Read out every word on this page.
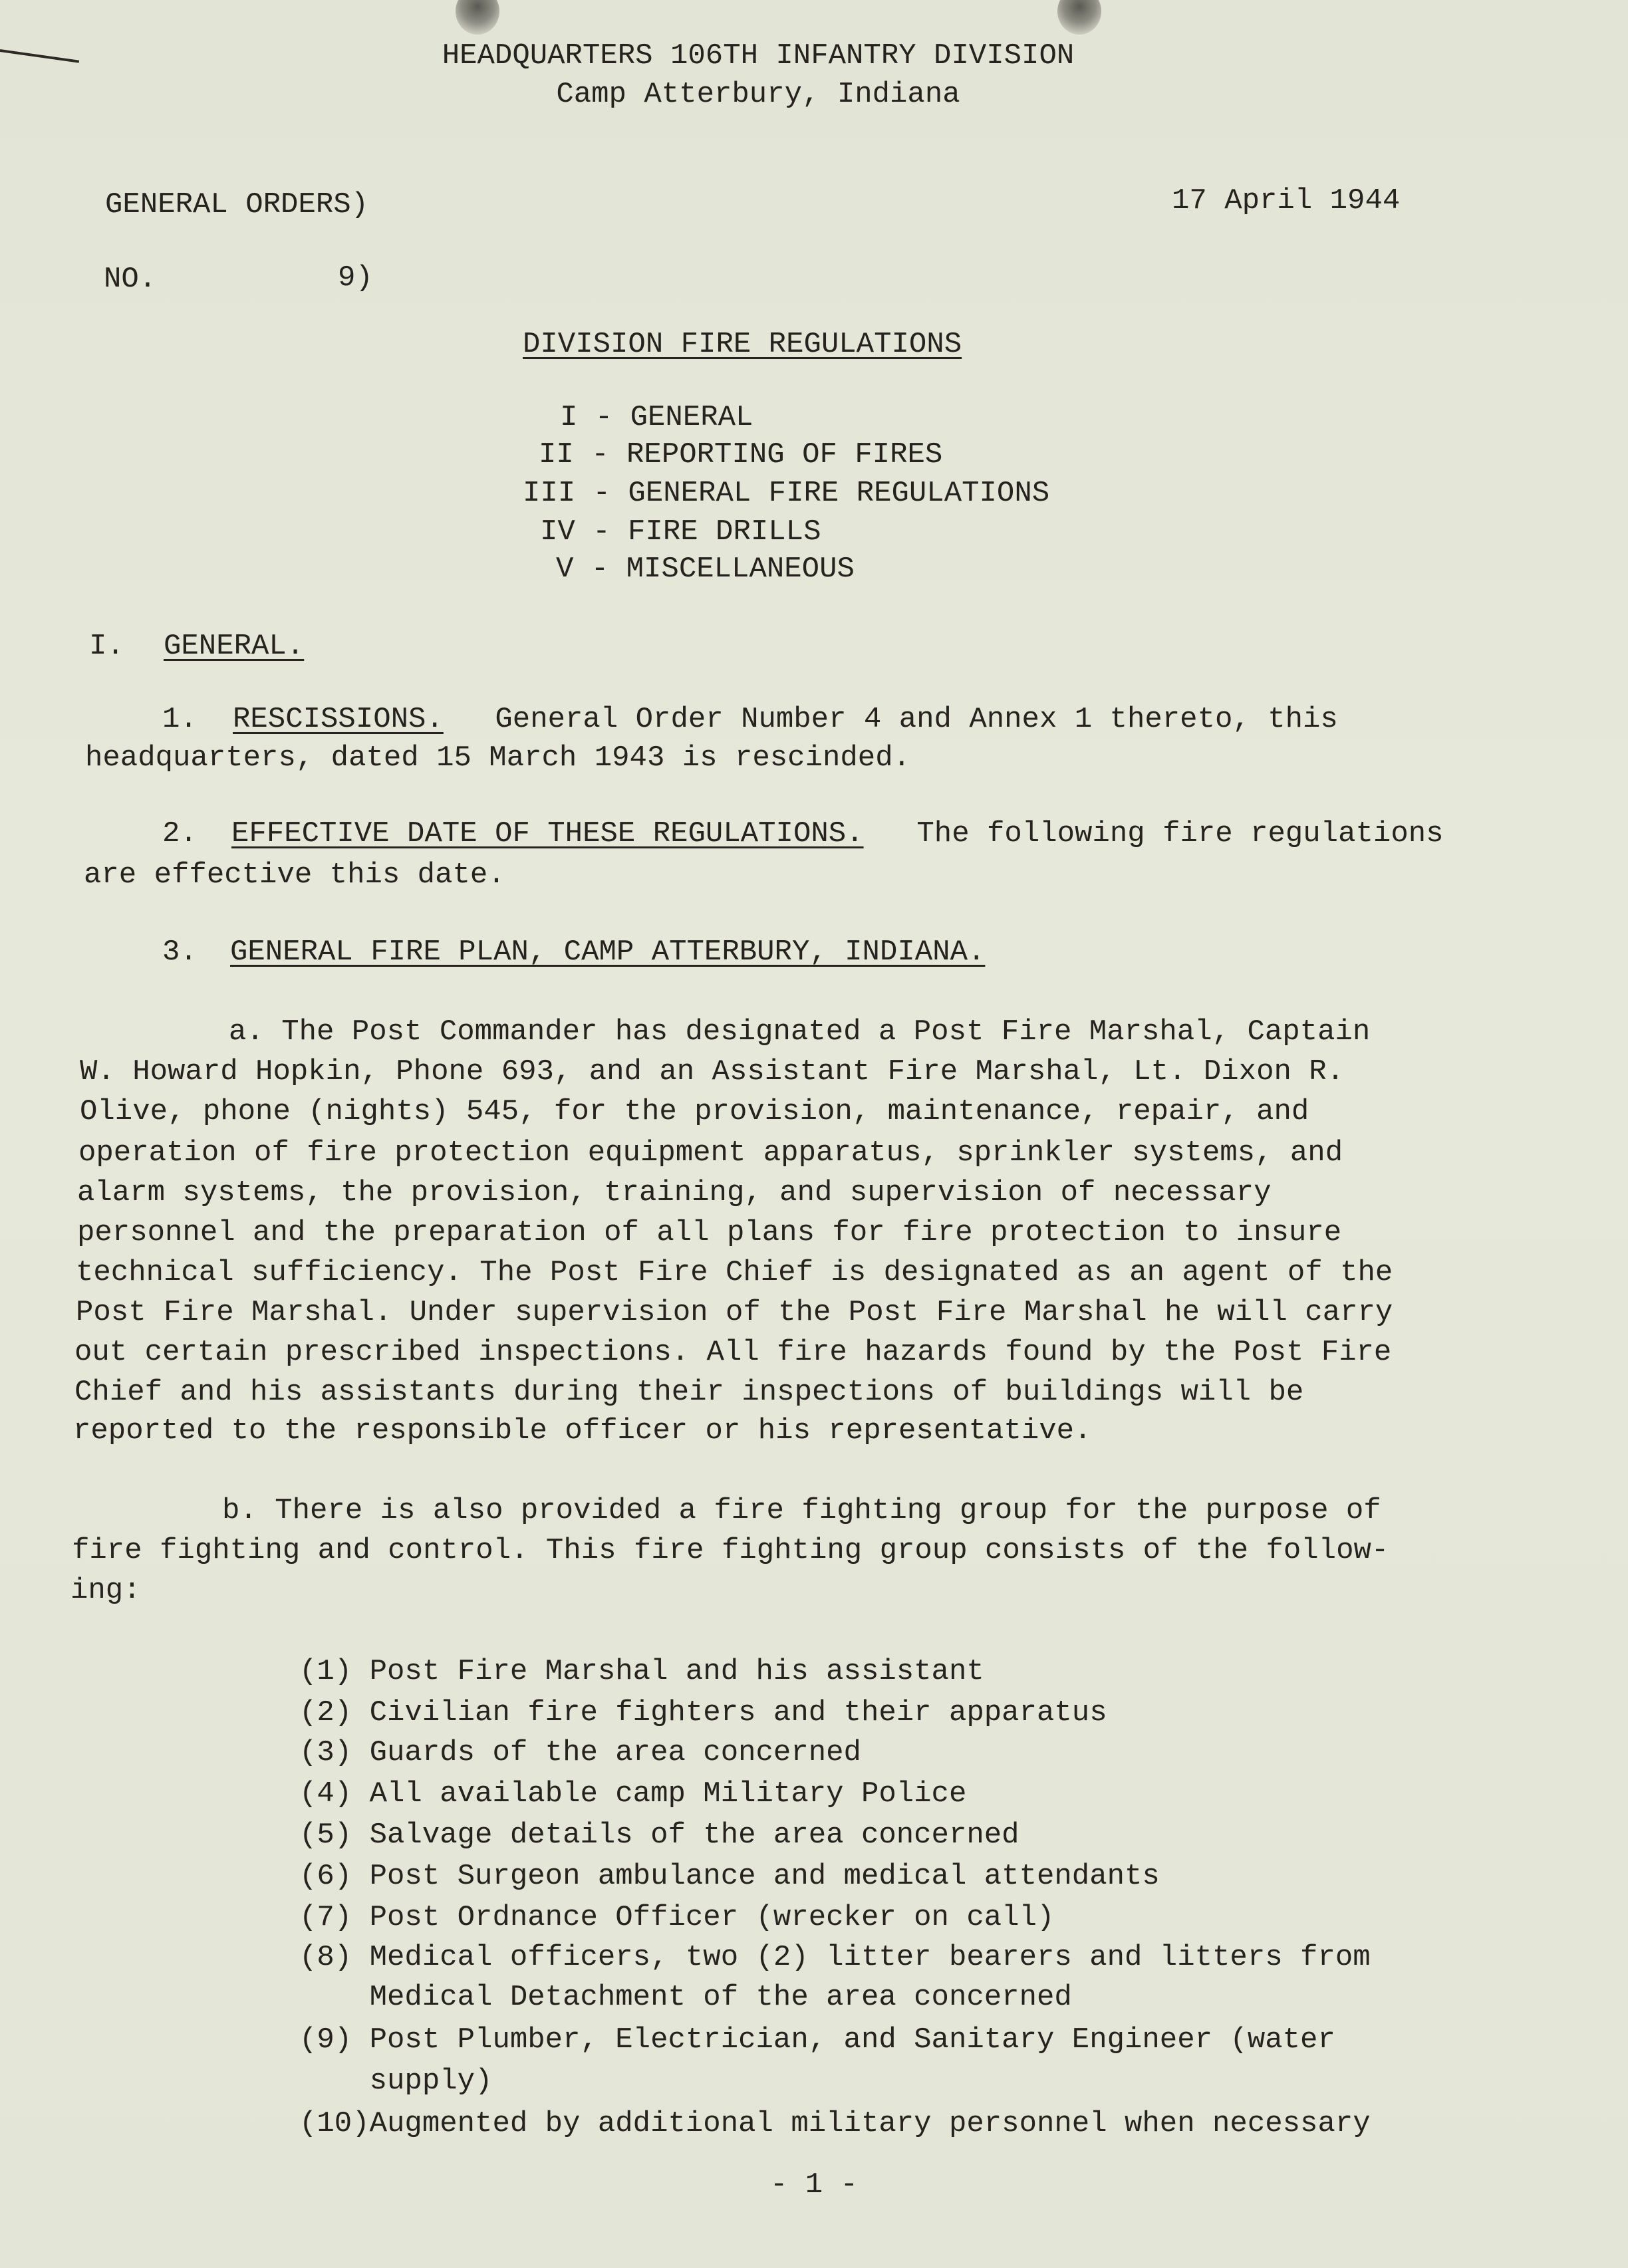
HEADQUARTERS 106TH INFANTRY DIVISION
Camp Atterbury, Indiana
GENERAL ORDERS)	17 April 1944
NO.	9)
DIVISION FIRE REGULATIONS
I - GENERAL
II - REPORTING OF FIRES
III - GENERAL FIRE REGULATIONS
IV - FIRE DRILLS
V - MISCELLANEOUS
I. GENERAL.
1. RESCISSIONS. General Order Number 4 and Annex 1 thereto, this
headquarters, dated 15 March 1943 is rescinded.
2. EFFECTIVE DATE OF THESE REGULATIONS. The following fire regulations
are effective this date.
3. GENERAL FIRE PLAN, CAMP ATTERBURY, INDIANA.
a. The Post Commander has designated a Post Fire Marshal, Captain
W. Howard Hopkin, Phone 693, and an Assistant Fire Marshal, Lt. Dixon R.
Olive, phone (nights) 545, for the provision, maintenance, repair, and
operation of fire protection equipment apparatus, sprinkler systems, and
alarm systems, the provision, training, and supervision of necessary
personnel and the preparation of all plans for fire protection to insure
technical sufficiency. The Post Fire Chief is designated as an agent of the
Post Fire Marshal. Under supervision of the Post Fire Marshal he will carry
out certain prescribed inspections. All fire hazards found by the Post Fire
Chief and his assistants during their inspections of buildings will be
reported to the responsible officer or his representative.
b. There is also provided a fire fighting group for the purpose of
fire fighting and control. This fire fighting group consists of the follow-
ing:
(1) Post Fire Marshal and his assistant
(2) Civilian fire fighters and their apparatus
(3) Guards of the area concerned
(4) All available camp Military Police
(5) Salvage details of the area concerned
(6) Post Surgeon ambulance and medical attendants
(7) Post Ordnance Officer (wrecker on call)
(8) Medical officers, two (2) litter bearers and litters from
Medical Detachment of the area concerned
(9) Post Plumber, Electrician, and Sanitary Engineer (water
supply)
(10)Augmented by additional military personnel when necessary
- 1 -
